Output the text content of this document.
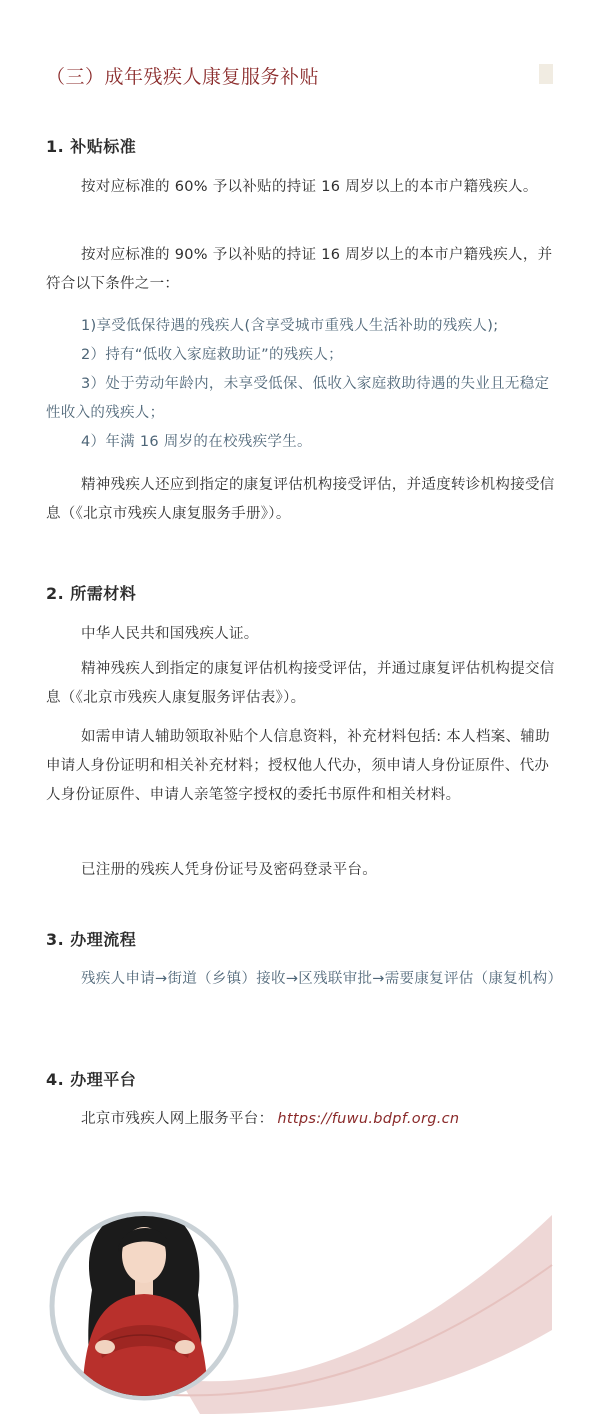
（三）成年残疾人康复服务补贴
1. 补贴标准

按对应标准的 60% 予以补贴的持证 16 周岁以上的本市户籍残疾人。

按对应标准的 90% 予以补贴的持证 16 周岁以上的本市户籍残疾人，并符合以下条件之一：

1)享受低保待遇的残疾人(含享受城市重残人生活补助的残疾人);

2）持有“低收入家庭救助证”的残疾人；

3）处于劳动年龄内，未享受低保、低收入家庭救助待遇的失业且无稳定性收入的残疾人；

4）年满 16 周岁的在校残疾学生。

精神残疾人还应到指定的康复评估机构接受评估，并适度转诊机构接受信息（《北京市残疾人康复服务手册》）。

2. 所需材料

中华人民共和国残疾人证。

精神残疾人到指定的康复评估机构接受评估，并通过康复评估机构提交信息（《北京市残疾人康复服务评估表》）。

如需申请人辅助领取补贴个人信息资料，补充材料包括: 本人档案、辅助申请人身份证明和相关补充材料；授权他人代办，须申请人身份证原件、代办人身份证原件、申请人亲笔签字授权的委托书原件和相关材料。

已注册的残疾人凭身份证号及密码登录平台。

3. 办理流程

残疾人申请→街道（乡镇）接收→区残联审批→需要康复评估（康复机构）

4. 办理平台
北京市残疾人网上服务平台： https://fuwu.bdpf.org.cn
